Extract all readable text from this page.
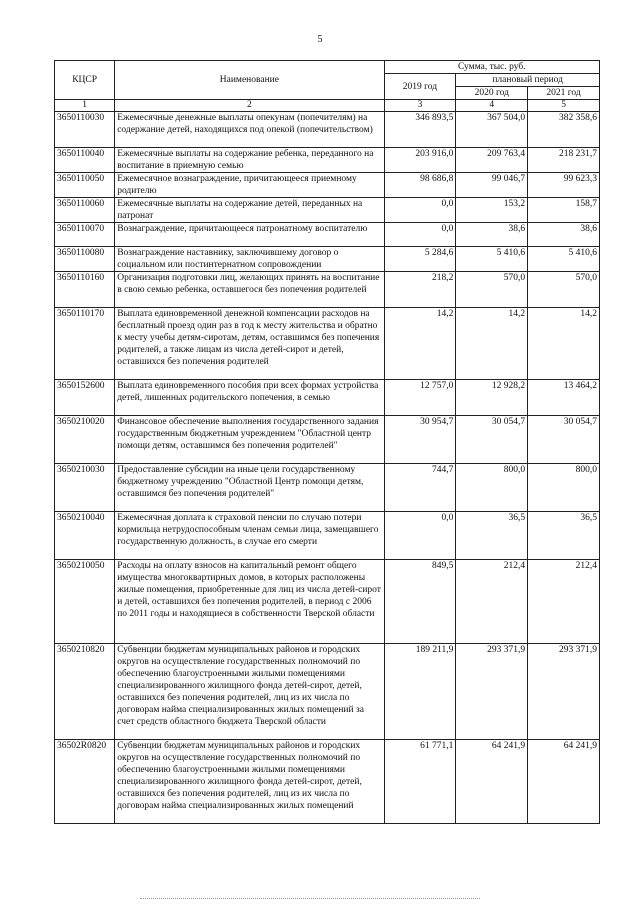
5
КЦСР	Наименование	Сумма, тыс. руб.		
		2019 год	плановый период	
			2020 год	2021 год
1	2	3	4	5
3650110030	Ежемесячные денежные выплаты опекунам (попечителям) на содержание детей, находящихся под опекой (попечительством)	346 893,5	367 504,0	382 358,6
3650110040	Ежемесячные выплаты на содержание ребенка, переданного на воспитание в приемную семью	203 916,0	209 763,4	218 231,7
3650110050	Ежемесячное вознаграждение, причитающееся приемному родителю	98 686,8	99 046,7	99 623,3
3650110060	Ежемесячные выплаты на содержание детей, переданных на патронат	0,0	153,2	158,7
3650110070	Вознаграждение, причитающееся патронатному воспитателю	0,0	38,6	38,6
3650110080	Вознаграждение наставнику, заключившему договор о социальном или постинтернатном сопровождении	5 284,6	5 410,6	5 410,6
3650110160	Организация подготовки лиц, желающих принять на воспитание в свою семью ребенка, оставшегося без попечения родителей	218,2	570,0	570,0
3650110170	Выплата единовременной денежной компенсации расходов на бесплатный проезд один раз в год к месту жительства и обратно к месту учебы детям-сиротам, детям, оставшимся без попечения родителей, а также лицам из числа детей-сирот и детей, оставшихся без попечения родителей	14,2	14,2	14,2
3650152600	Выплата единовременного пособия при всех формах устройства детей, лишенных родительского попечения, в семью	12 757,0	12 928,2	13 464,2
3650210020	Финансовое обеспечение выполнения государственного задания государственным бюджетным учреждением "Областной центр помощи детям, оставшимся без попечения родителей"	30 954,7	30 054,7	30 054,7
3650210030	Предоставление субсидии на иные цели государственному бюджетному учреждению "Областной Центр помощи детям, оставшимся без попечения родителей"	744,7	800,0	800,0
3650210040	Ежемесячная доплата к страховой пенсии по случаю потери кормильца нетрудоспособным членам семьи лица, замещавшего государственную должность, в случае его смерти	0,0	36,5	36,5
3650210050	Расходы на оплату взносов на капитальный ремонт общего имущества многоквартирных домов, в которых расположены жилые помещения, приобретенные для лиц из числа детей-сирот и детей, оставшихся без попечения родителей, в период с 2006 по 2011 годы и находящиеся в собственности Тверской области	849,5	212,4	212,4
3650210820	Субвенции бюджетам муниципальных районов и городских округов на осуществление государственных полномочий по обеспечению благоустроенными жилыми помещениями специализированного жилищного фонда детей-сирот, детей, оставшихся без попечения родителей, лиц из их числа по договорам найма специализированных жилых помещений за счет средств областного бюджета Тверской области	189 211,9	293 371,9	293 371,9
36502R0820	Субвенции бюджетам муниципальных районов и городских округов на осуществление государственных полномочий по обеспечению благоустроенными жилыми помещениями специализированного жилищного фонда детей-сирот, детей, оставшихся без попечения родителей, лиц из их числа по договорам найма специализированных жилых помещений	61 771,1	64 241,9	64 241,9
